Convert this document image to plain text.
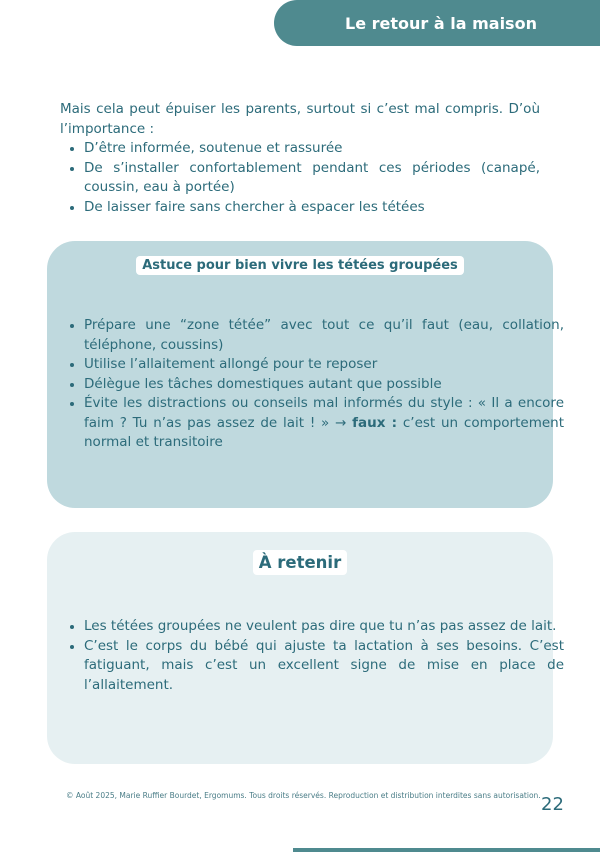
Le retour à la maison

Mais cela peut épuiser les parents, surtout si c’est mal compris. D’où l’importance :

• D’être informée, soutenue et rassurée
• De s’installer confortablement pendant ces périodes (canapé, coussin, eau à portée)
• De laisser faire sans chercher à espacer les tétées
Astuce pour bien vivre les tétées groupées
• Prépare une “zone tétée” avec tout ce qu’il faut (eau, collation, téléphone, coussins)
• Utilise l’allaitement allongé pour te reposer
• Délègue les tâches domestiques autant que possible
• Évite les distractions ou conseils mal informés du style : « Il a encore faim ? Tu n’as pas assez de lait ! » → faux : c’est un comportement normal et transitoire
À retenir
• Les tétées groupées ne veulent pas dire que tu n’as pas assez de lait.
• C’est le corps du bébé qui ajuste ta lactation à ses besoins. C’est fatiguant, mais c’est un excellent signe de mise en place de l’allaitement.
© Août 2025, Marie Ruffier Bourdet, Ergomums. Tous droits réservés. Reproduction et distribution interdites sans autorisation. 22
